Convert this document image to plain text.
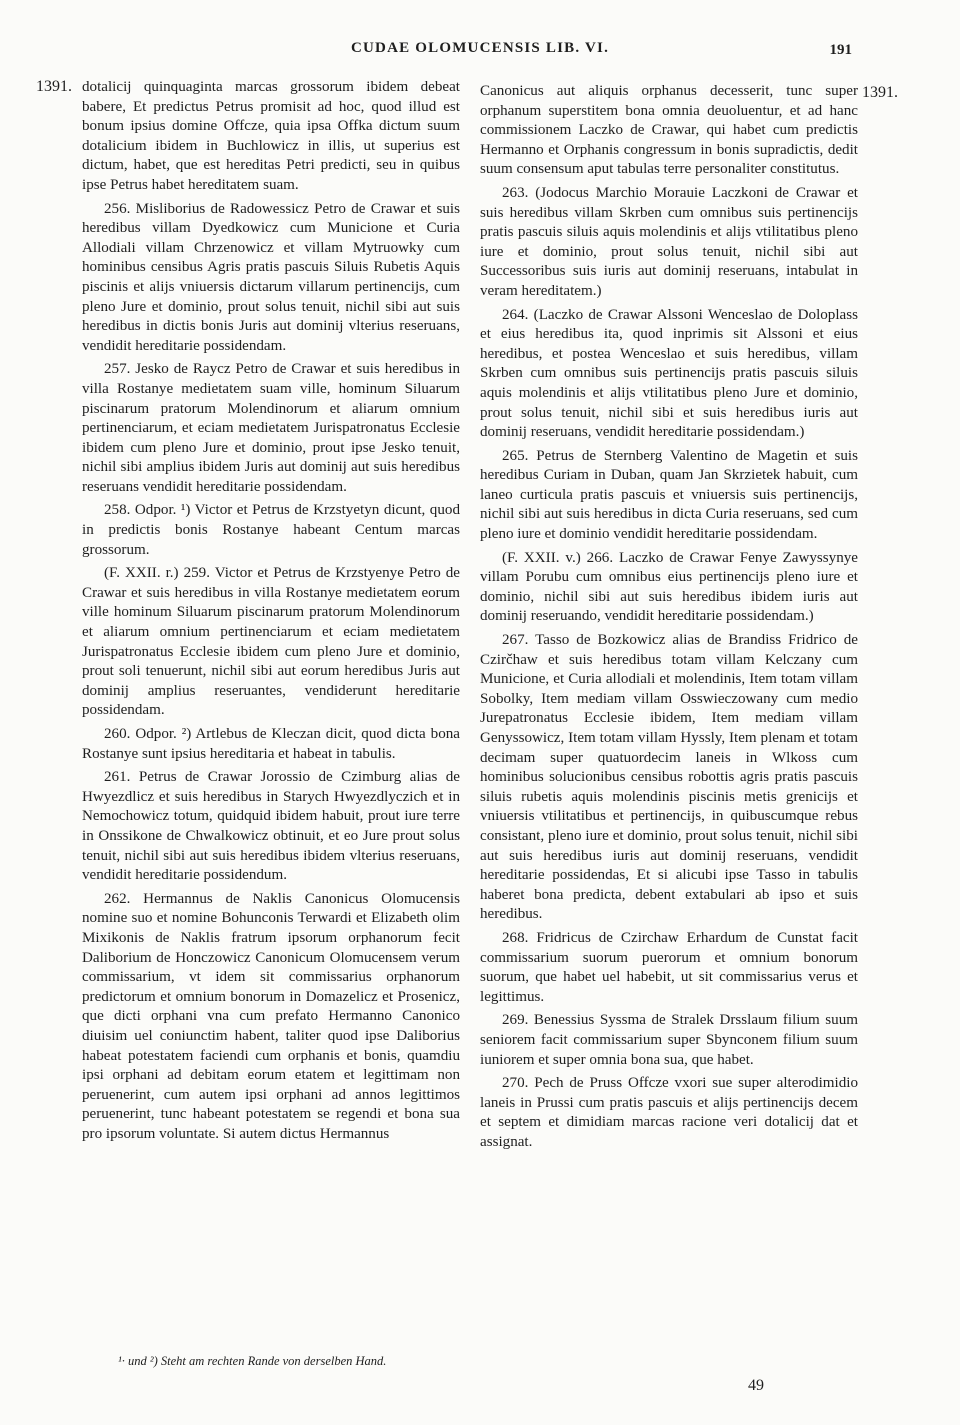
CUDAE OLOMUCENSIS LIB. VI.	191
1391.	1391.

dotalicij quinquaginta marcas grossorum ibidem debeat babere, Et predictus Petrus promisit ad hoc, quod illud est bonum ipsius domine Offcze, quia ipsa Offka dictum suum dotalicium ibidem in Buchlowicz in illis, ut superius est dictum, habet, que est hereditas Petri predicti, seu in quibus ipse Petrus habet hereditatem suam.

256. Misliborius de Radowessicz Petro de Crawar et suis heredibus villam Dyedkowicz cum Municione et Curia Allodiali villam Chrzenowicz et villam Mytruowky cum hominibus censibus Agris pratis pascuis Siluis Rubetis Aquis piscinis et alijs vniuersis dictarum villarum pertinencijs, cum pleno Jure et dominio, prout solus tenuit, nichil sibi aut suis heredibus in dictis bonis Juris aut dominij vlterius reseruans, vendidit hereditarie possidendam.

257. Jesko de Raycz Petro de Crawar et suis heredibus in villa Rostanye medietatem suam ville, hominum Siluarum piscinarum pratorum Molendinorum et aliarum omnium pertinenciarum, et eciam medietatem Jurispatronatus Ecclesie ibidem cum pleno Jure et dominio, prout ipse Jesko tenuit, nichil sibi amplius ibidem Juris aut dominij aut suis heredibus reseruans vendidit hereditarie possidendam.

258. Odpor. ¹) Victor et Petrus de Krzstyetyn dicunt, quod in predictis bonis Rostanye habeant Centum marcas grossorum.

(F. XXII. r.) 259. Victor et Petrus de Krzstyenye Petro de Crawar et suis heredibus in villa Rostanye medietatem eorum ville hominum Siluarum piscinarum pratorum Molendinorum et aliarum omnium pertinenciarum et eciam medietatem Jurispatronatus Ecclesie ibidem cum pleno Jure et dominio, prout soli tenuerunt, nichil sibi aut eorum heredibus Juris aut dominij amplius reseruantes, vendiderunt hereditarie possidendam.

260. Odpor. ²) Artlebus de Kleczan dicit, quod dicta bona Rostanye sunt ipsius hereditaria et habeat in tabulis.

261. Petrus de Crawar Jorossio de Czimburg alias de Hwyezdlicz et suis heredibus in Starych Hwyezdlyczich et in Nemochowicz totum, quidquid ibidem habuit, prout iure terre in Onssikone de Chwalkowicz obtinuit, et eo Jure prout solus tenuit, nichil sibi aut suis heredibus ibidem vlterius reseruans, vendidit hereditarie possidendum.

262. Hermannus de Naklis Canonicus Olomucensis nomine suo et nomine Bohunconis Terwardi et Elizabeth olim Mixikonis de Naklis fratrum ipsorum orphanorum fecit Daliborium de Honczowicz Canonicum Olomucensem verum commissarium, vt idem sit commissarius orphanorum predictorum et omnium bonorum in Domazelicz et Prosenicz, que dicti orphani vna cum prefato Hermanno Canonico diuisim uel coniunctim habent, taliter quod ipse Daliborius habeat potestatem faciendi cum orphanis et bonis, quamdiu ipsi orphani ad debitam eorum etatem et legittimam non peruenerint, cum autem ipsi orphani ad annos legittimos peruenerint, tunc habeant potestatem se regendi et bona sua pro ipsorum voluntate. Si autem dictus Hermannus

Canonicus aut aliquis orphanus decesserit, tunc super orphanum superstitem bona omnia deuoluentur, et ad hanc commissionem Laczko de Crawar, qui habet cum predictis Hermanno et Orphanis congressum in bonis supradictis, dedit suum consensum aput tabulas terre personaliter constitutus.

263. (Jodocus Marchio Morauie Laczkoni de Crawar et suis heredibus villam Skrben cum omnibus suis pertinencijs pratis pascuis siluis aquis molendinis et alijs vtilitatibus pleno iure et dominio, prout solus tenuit, nichil sibi aut Successoribus suis iuris aut dominij reseruans, intabulat in veram hereditatem.)

264. (Laczko de Crawar Alssoni Wenceslao de Doloplass et eius heredibus ita, quod inprimis sit Alssoni et eius heredibus, et postea Wenceslao et suis heredibus, villam Skrben cum omnibus suis pertinencijs pratis pascuis siluis aquis molendinis et alijs vtilitatibus pleno Jure et dominio, prout solus tenuit, nichil sibi et suis heredibus iuris aut dominij reseruans, vendidit hereditarie possidendam.)

265. Petrus de Sternberg Valentino de Magetin et suis heredibus Curiam in Duban, quam Jan Skrzietek habuit, cum laneo curticula pratis pascuis et vniuersis suis pertinencijs, nichil sibi aut suis heredibus in dicta Curia reseruans, sed cum pleno iure et dominio vendidit hereditarie possidendam.

(F. XXII. v.) 266. Laczko de Crawar Fenye Zawyssynye villam Porubu cum omnibus eius pertinencijs pleno iure et dominio, nichil sibi aut suis heredibus ibidem iuris aut dominij reseruando, vendidit hereditarie possidendam.)

267. Tasso de Bozkowicz alias de Brandiss Fridrico de Czirčhaw et suis heredibus totam villam Kelczany cum Municione, et Curia allodiali et molendinis, Item totam villam Sobolky, Item mediam villam Osswieczowany cum medio Jurepatronatus Ecclesie ibidem, Item mediam villam Genyssowicz, Item totam villam Hyssly, Item plenam et totam decimam super quatuordecim laneis in Wlkoss cum hominibus solucionibus censibus robottis agris pratis pascuis siluis rubetis aquis molendinis piscinis metis grenicijs et vniuersis vtilitatibus et pertinencijs, in quibuscumque rebus consistant, pleno iure et dominio, prout solus tenuit, nichil sibi aut suis heredibus iuris aut dominij reseruans, vendidit hereditarie possidendas, Et si alicubi ipse Tasso in tabulis haberet bona predicta, debent extabulari ab ipso et suis heredibus.

268. Fridricus de Czirchaw Erhardum de Cunstat facit commissarium suorum puerorum et omnium bonorum suorum, que habet uel habebit, ut sit commissarius verus et legittimus.

269. Benessius Syssma de Stralek Drsslaum filium suum seniorem facit commissarium super Sbynconem filium suum iuniorem et super omnia bona sua, que habet.

270. Pech de Pruss Offcze vxori sue super alterodimidio laneis in Prussi cum pratis pascuis et alijs pertinencijs decem et septem et dimidiam marcas racione veri dotalicij dat et assignat.

¹· und ²) Steht am rechten Rande von derselben Hand.
49
